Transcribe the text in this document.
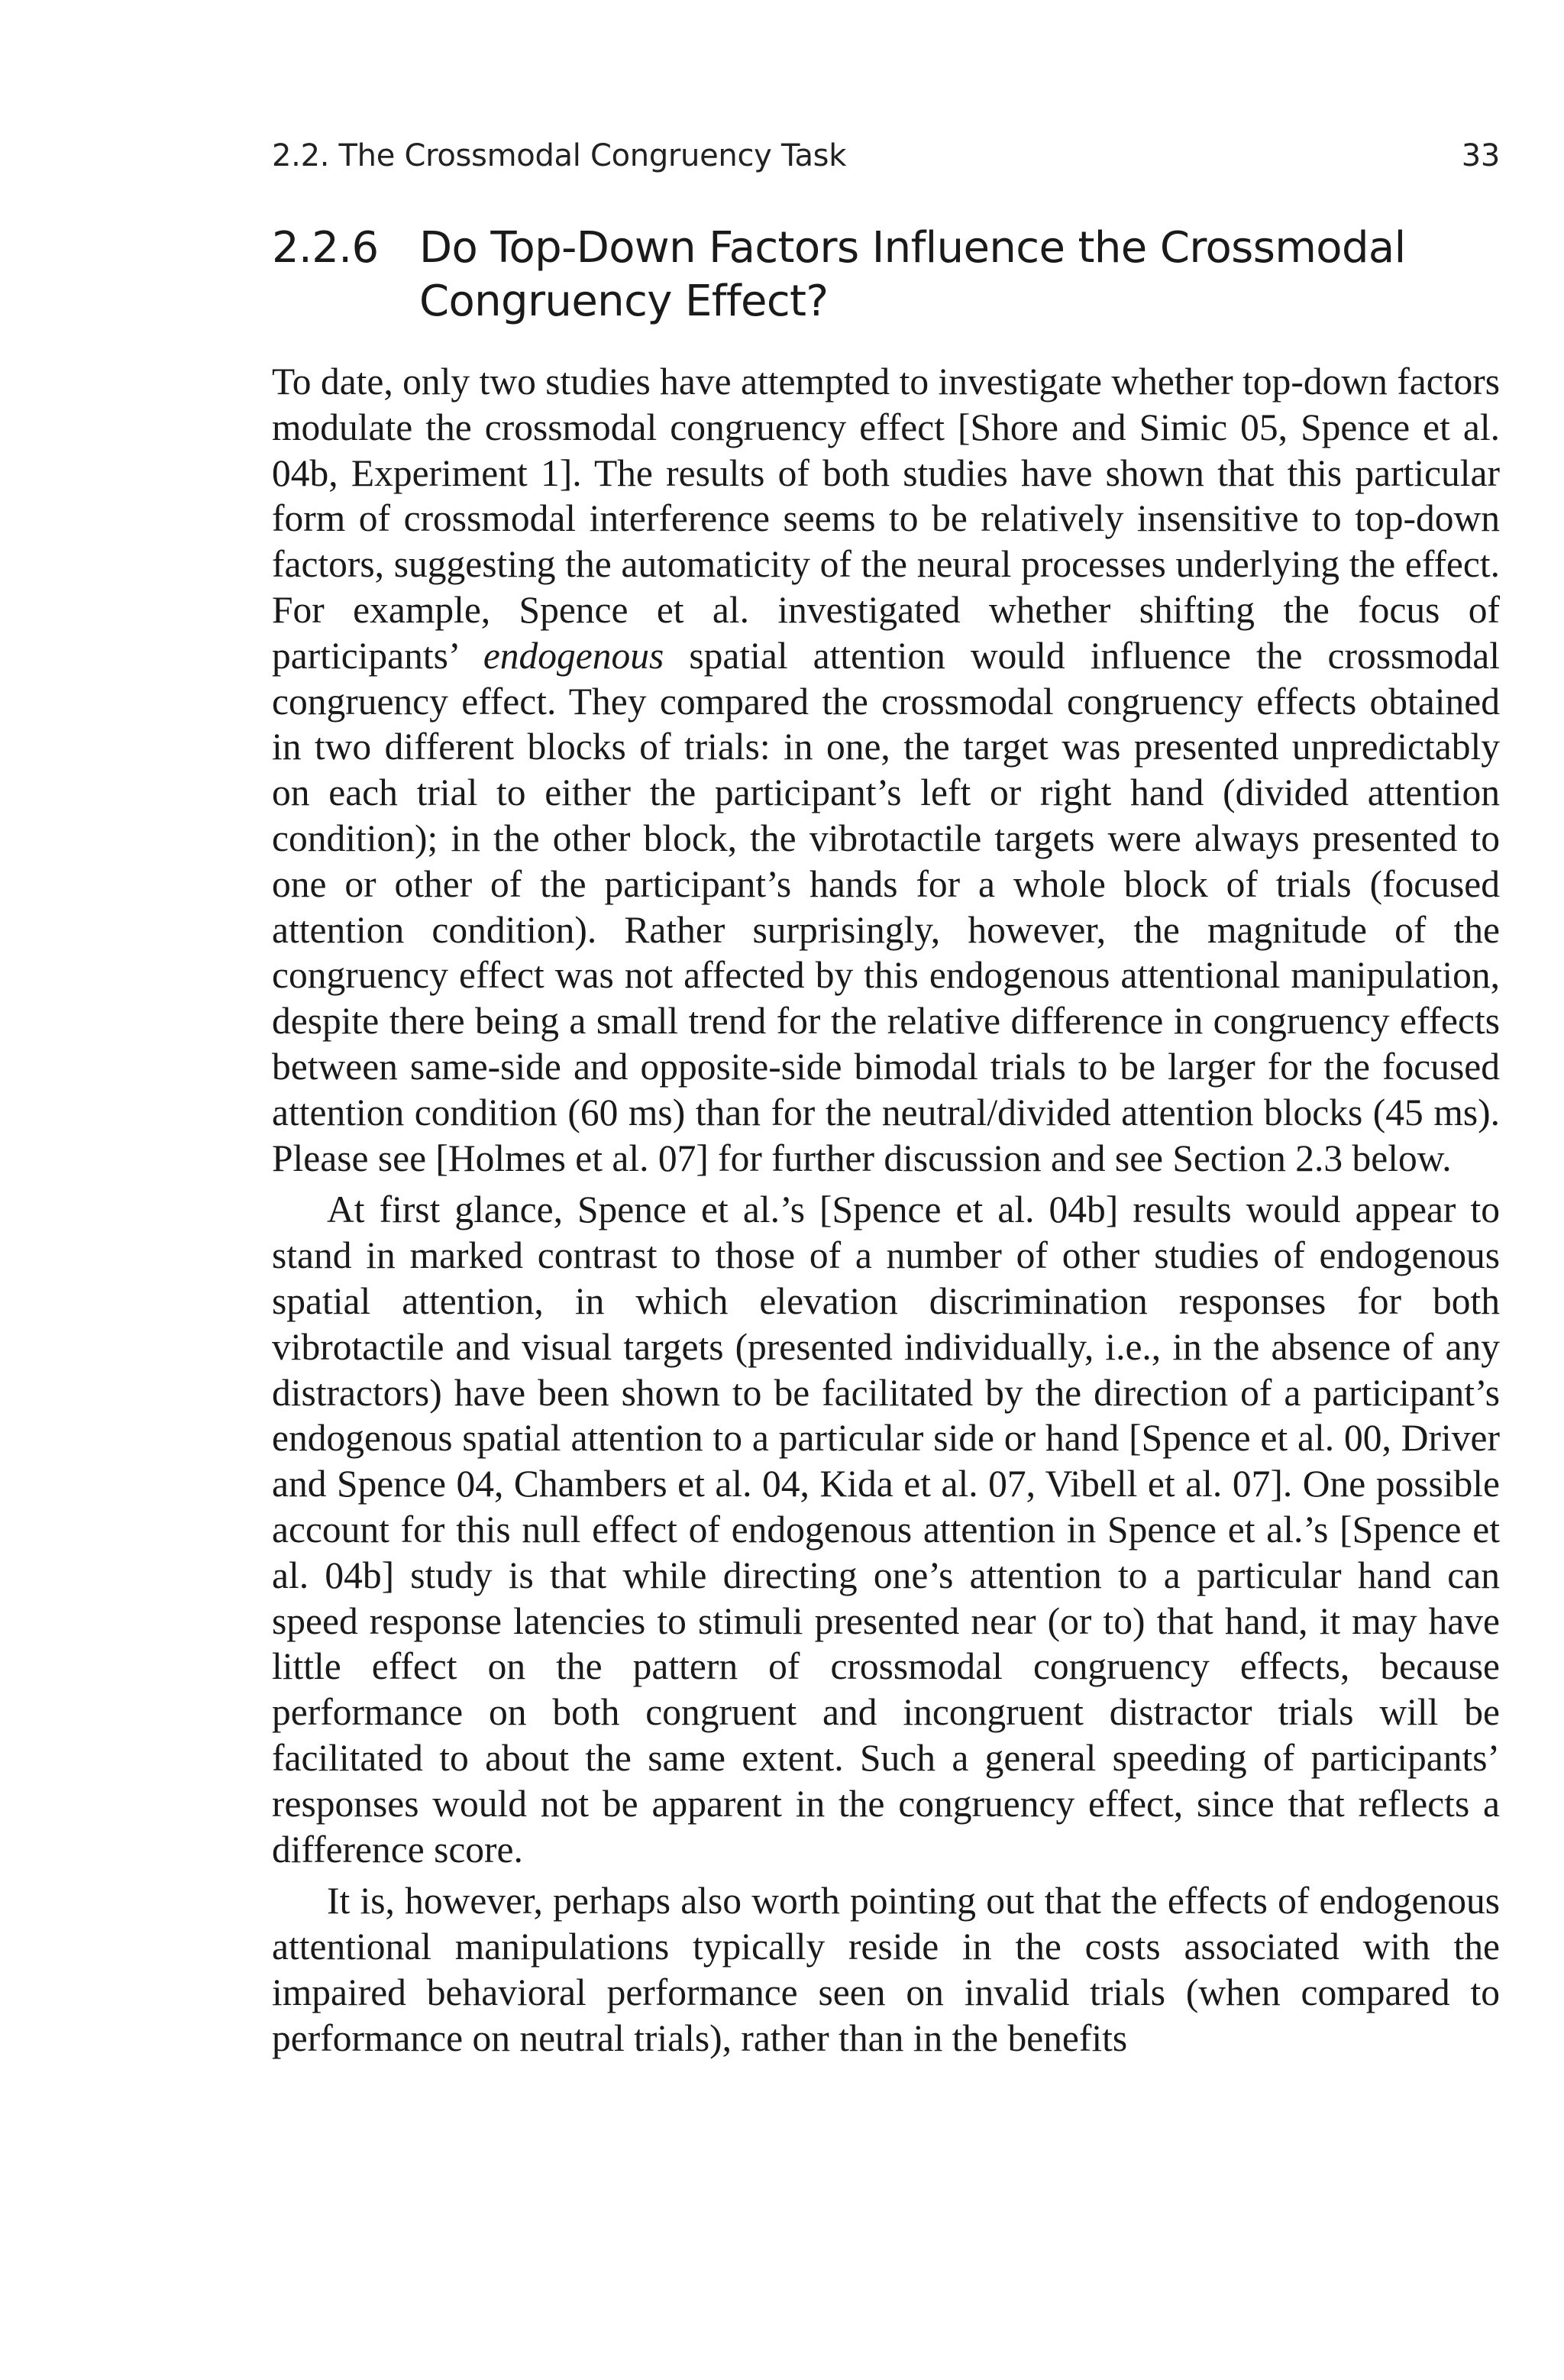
2.2. The Crossmodal Congruency Task	33
2.2.6 Do Top-Down Factors Influence the Crossmodal Congruency Effect?

To date, only two studies have attempted to investigate whether top-down factors modulate the crossmodal congruency effect [Shore and Simic 05, Spence et al. 04b, Experiment 1]. The results of both studies have shown that this particular form of crossmodal interference seems to be relatively insensitive to top-down factors, suggesting the automaticity of the neural processes underlying the effect. For example, Spence et al. investigated whether shifting the focus of participants’ endogenous spatial attention would influence the crossmodal congruency effect. They compared the crossmodal congruency effects obtained in two different blocks of trials: in one, the target was presented unpredictably on each trial to either the participant’s left or right hand (divided attention condition); in the other block, the vibrotactile targets were always presented to one or other of the participant’s hands for a whole block of trials (focused attention condition). Rather surprisingly, however, the magnitude of the congruency effect was not affected by this endogenous attentional manipulation, despite there being a small trend for the relative difference in congruency effects between same-side and opposite-side bimodal trials to be larger for the focused attention condition (60 ms) than for the neutral/divided attention blocks (45 ms). Please see [Holmes et al. 07] for further discussion and see Section 2.3 below.

At first glance, Spence et al.’s [Spence et al. 04b] results would appear to stand in marked contrast to those of a number of other studies of endogenous spatial attention, in which elevation discrimination responses for both vibrotactile and visual targets (presented individually, i.e., in the absence of any distractors) have been shown to be facilitated by the direction of a participant’s endogenous spatial attention to a particular side or hand [Spence et al. 00, Driver and Spence 04, Chambers et al. 04, Kida et al. 07, Vibell et al. 07]. One possible account for this null effect of endogenous attention in Spence et al.’s [Spence et al. 04b] study is that while directing one’s attention to a particular hand can speed response latencies to stimuli presented near (or to) that hand, it may have little effect on the pattern of crossmodal congruency effects, because performance on both congruent and incongruent distractor trials will be facilitated to about the same extent. Such a general speeding of participants’ responses would not be apparent in the congruency effect, since that reflects a difference score.

It is, however, perhaps also worth pointing out that the effects of endogenous attentional manipulations typically reside in the costs associated with the impaired behavioral performance seen on invalid trials (when compared to performance on neutral trials), rather than in the benefits
